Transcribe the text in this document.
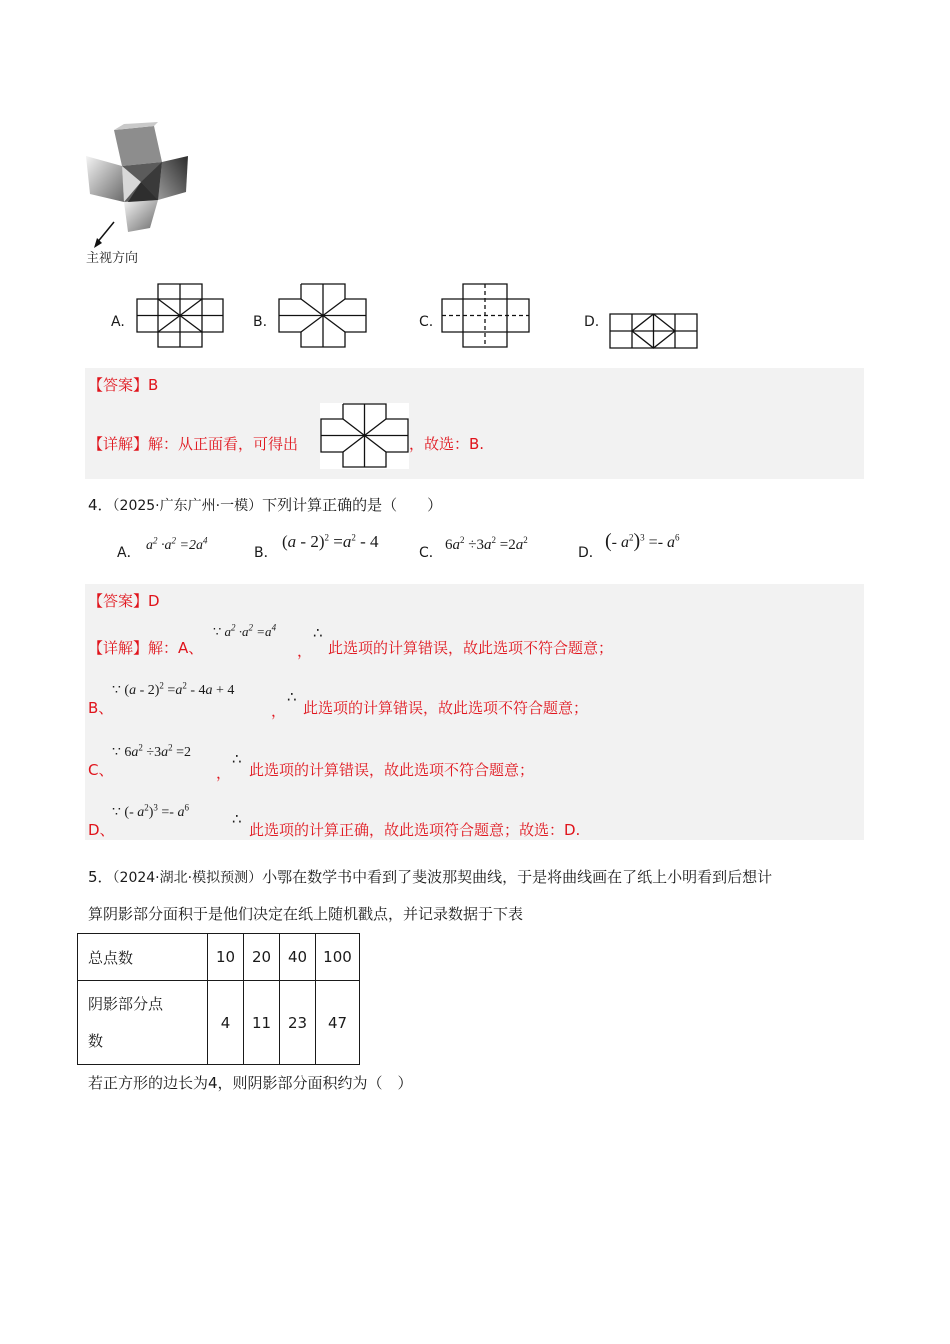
主视方向
A.	B.	C.	D.
【答案】B
【详解】解：从正面看，可得出	，故选：B.
4．（2025·广东广州·一模）下列计算正确的是（　　）
A． $a^2 \cdot a^2 =2a^4$
B．
$(a - 2)^2 =a^2 - 4$
C． $6a^2 \div 3a^2 =2a^2$
D．
(- $a^2)^3 =- a^6$
【答案】D
【详解】解：A、
∵ $a^2 \cdot a^2 =a^4$
，
∴
此选项的计算错误，故此选项不符合题意；
B、
∵ $(a - 2)^2 =a^2 - 4a + 4$
，
∴
此选项的计算错误，故此选项不符合题意；
C、
∵ $6a^2 \div 3a^2 =2$
，
∴
此选项的计算错误，故此选项不符合题意；
D、
∵ (- $a^2)^3 =- a^6$
∴
此选项的计算正确，故此选项符合题意；故选：D.
5．（2024·湖北·模拟预测）小鄂在数学书中看到了斐波那契曲线，于是将曲线画在了纸上小明看到后想计
算阴影部分面积于是他们决定在纸上随机戳点，并记录数据于下表
总点数	10	20	40	100
阴影部分点
数	4	11	23	47
若正方形的边长为4，则阴影部分面积约为（　）
